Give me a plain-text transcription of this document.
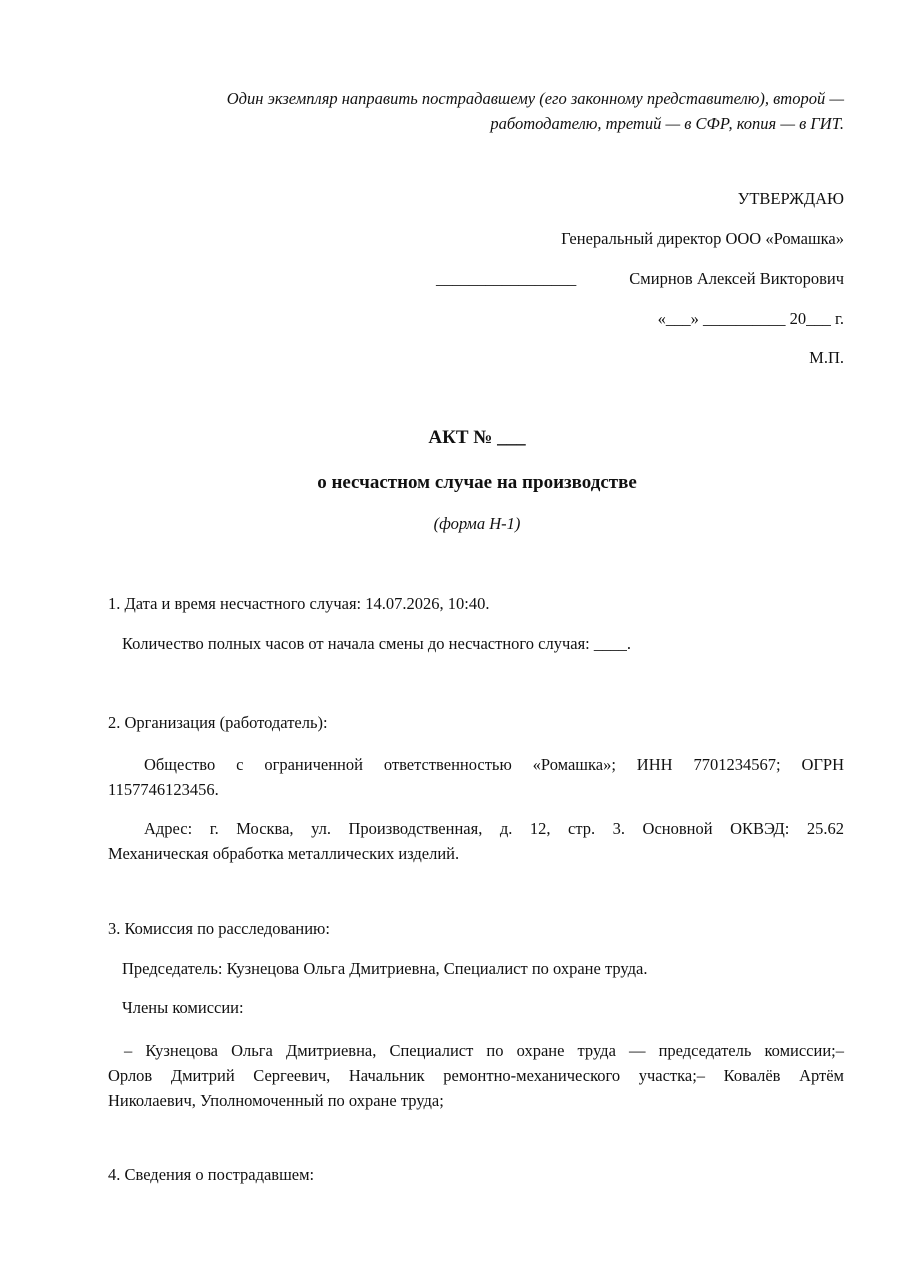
Один экземпляр направить пострадавшему (его законному представителю), второй —
работодателю, третий — в СФР, копия — в ГИТ.
УТВЕРЖДАЮ
Генеральный директор ООО «Ромашка»
_________________	Смирнов Алексей Викторович
«___» __________ 20___ г.
М.П.
АКТ № ___
о несчастном случае на производстве
(форма Н-1)
1. Дата и время несчастного случая: 14.07.2026, 10:40.
Количество полных часов от начала смены до несчастного случая: ____.
2. Организация (работодатель):
Общество с ограниченной ответственностью «Ромашка»; ИНН 7701234567; ОГРН
1157746123456.
Адрес: г. Москва, ул. Производственная, д. 12, стр. 3. Основной ОКВЭД: 25.62
Механическая обработка металлических изделий.
3. Комиссия по расследованию:
Председатель: Кузнецова Ольга Дмитриевна, Специалист по охране труда.
Члены комиссии:
– Кузнецова Ольга Дмитриевна, Специалист по охране труда — председатель комиссии;–
Орлов Дмитрий Сергеевич, Начальник ремонтно-механического участка;– Ковалёв Артём
Николаевич, Уполномоченный по охране труда;
4. Сведения о пострадавшем:
